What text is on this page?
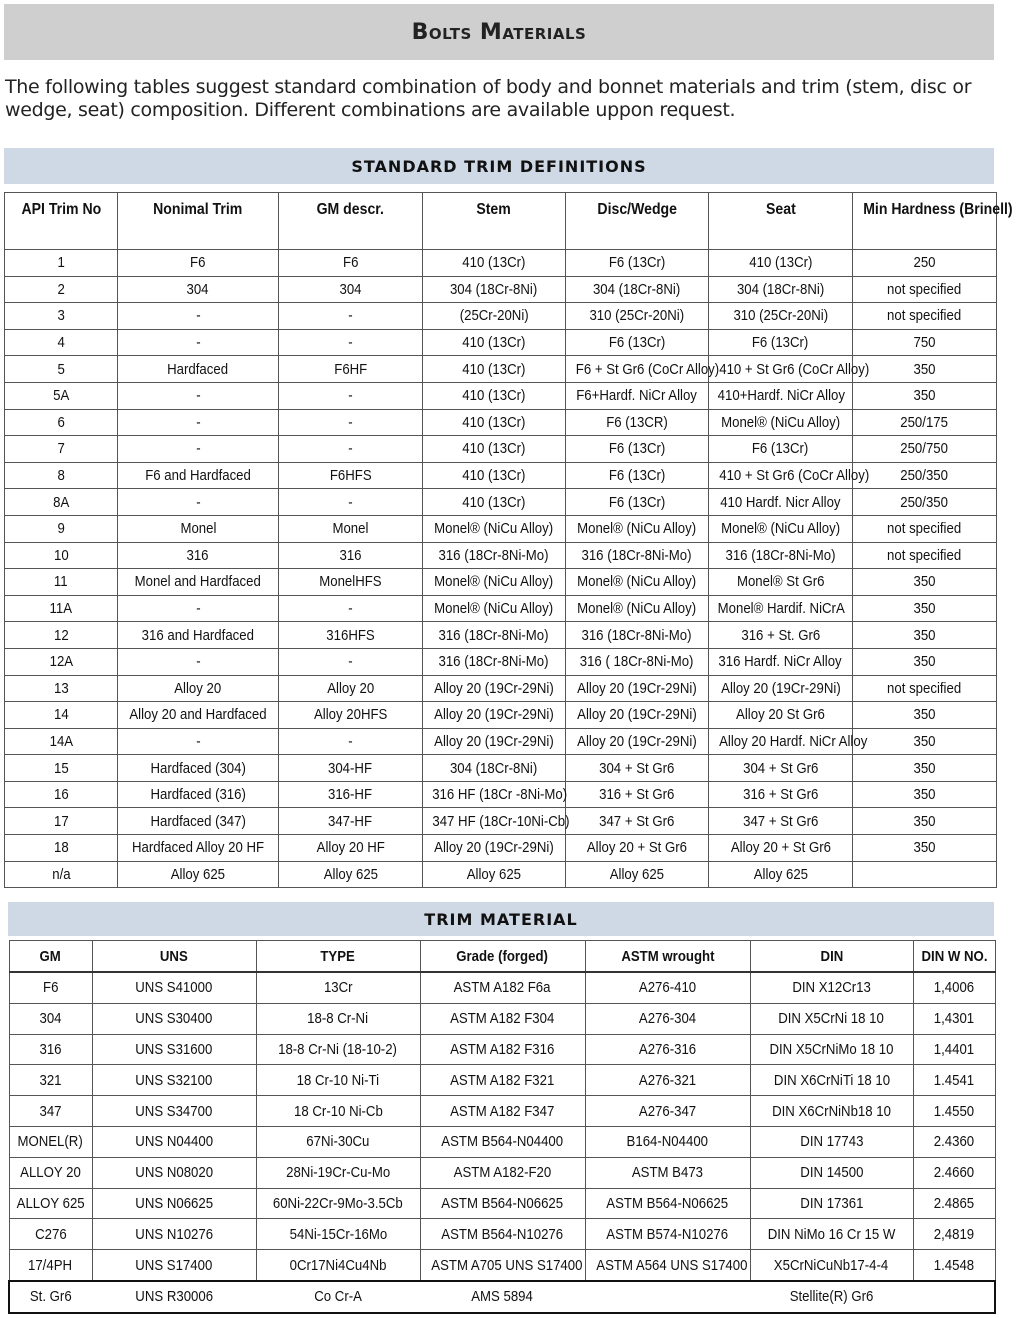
Bolts Materials
The following tables suggest standard combination of body and bonnet materials and trim (stem, disc or wedge, seat) composition. Different combinations are available uppon request.
STANDARD TRIM DEFINITIONS
API Trim No	Nonimal Trim	GM descr.	Stem	Disc/Wedge	Seat	Min Hardness (Brinell)
1	F6	F6	410 (13Cr)	F6 (13Cr)	410 (13Cr)	250
2	304	304	304 (18Cr-8Ni)	304 (18Cr-8Ni)	304 (18Cr-8Ni)	not specified
3	-	-	(25Cr-20Ni)	310 (25Cr-20Ni)	310 (25Cr-20Ni)	not specified
4	-	-	410 (13Cr)	F6 (13Cr)	F6 (13Cr)	750
5	Hardfaced	F6HF	410 (13Cr)	F6 + St Gr6 (CoCr Alloy)	410 + St Gr6 (CoCr Alloy)	350
5A	-	-	410 (13Cr)	F6+Hardf. NiCr Alloy	410+Hardf. NiCr Alloy	350
6	-	-	410 (13Cr)	F6 (13CR)	Monel® (NiCu Alloy)	250/175
7	-	-	410 (13Cr)	F6 (13Cr)	F6 (13Cr)	250/750
8	F6 and Hardfaced	F6HFS	410 (13Cr)	F6 (13Cr)	410 + St Gr6 (CoCr Alloy)	250/350
8A	-	-	410 (13Cr)	F6 (13Cr)	410 Hardf. Nicr Alloy	250/350
9	Monel	Monel	Monel® (NiCu Alloy)	Monel® (NiCu Alloy)	Monel® (NiCu Alloy)	not specified
10	316	316	316 (18Cr-8Ni-Mo)	316 (18Cr-8Ni-Mo)	316 (18Cr-8Ni-Mo)	not specified
11	Monel and Hardfaced	MonelHFS	Monel® (NiCu Alloy)	Monel® (NiCu Alloy)	Monel® St Gr6	350
11A	-	-	Monel® (NiCu Alloy)	Monel® (NiCu Alloy)	Monel® Hardif. NiCrA	350
12	316 and Hardfaced	316HFS	316 (18Cr-8Ni-Mo)	316 (18Cr-8Ni-Mo)	316 + St. Gr6	350
12A	-	-	316 (18Cr-8Ni-Mo)	316 ( 18Cr-8Ni-Mo)	316 Hardf. NiCr Alloy	350
13	Alloy 20	Alloy 20	Alloy 20 (19Cr-29Ni)	Alloy 20 (19Cr-29Ni)	Alloy 20 (19Cr-29Ni)	not specified
14	Alloy 20 and Hardfaced	Alloy 20HFS	Alloy 20 (19Cr-29Ni)	Alloy 20 (19Cr-29Ni)	Alloy 20 St Gr6	350
14A	-	-	Alloy 20 (19Cr-29Ni)	Alloy 20 (19Cr-29Ni)	Alloy 20 Hardf. NiCr Alloy	350
15	Hardfaced (304)	304-HF	304 (18Cr-8Ni)	304 + St Gr6	304 + St Gr6	350
16	Hardfaced (316)	316-HF	316 HF (18Cr -8Ni-Mo)	316 + St Gr6	316 + St Gr6	350
17	Hardfaced (347)	347-HF	347 HF (18Cr-10Ni-Cb)	347 + St Gr6	347 + St Gr6	350
18	Hardfaced Alloy 20 HF	Alloy 20 HF	Alloy 20 (19Cr-29Ni)	Alloy 20 + St Gr6	Alloy 20 + St Gr6	350
n/a	Alloy 625	Alloy 625	Alloy 625	Alloy 625	Alloy 625	
TRIM MATERIAL
GM	UNS	TYPE	Grade (forged)	ASTM wrought	DIN	DIN W NO.
F6	UNS S41000	13Cr	ASTM A182 F6a	A276-410	DIN X12Cr13	1,4006
304	UNS S30400	18-8 Cr-Ni	ASTM A182 F304	A276-304	DIN X5CrNi 18 10	1,4301
316	UNS S31600	18-8 Cr-Ni (18-10-2)	ASTM A182 F316	A276-316	DIN X5CrNiMo 18 10	1,4401
321	UNS S32100	18 Cr-10 Ni-Ti	ASTM A182 F321	A276-321	DIN X6CrNiTi 18 10	1.4541
347	UNS S34700	18 Cr-10 Ni-Cb	ASTM A182 F347	A276-347	DIN X6CrNiNb18 10	1.4550
MONEL(R)	UNS N04400	67Ni-30Cu	ASTM B564-N04400	B164-N04400	DIN 17743	2.4360
ALLOY 20	UNS N08020	28Ni-19Cr-Cu-Mo	ASTM A182-F20	ASTM B473	DIN 14500	2.4660
ALLOY 625	UNS N06625	60Ni-22Cr-9Mo-3.5Cb	ASTM B564-N06625	ASTM B564-N06625	DIN 17361	2.4865
C276	UNS N10276	54Ni-15Cr-16Mo	ASTM B564-N10276	ASTM B574-N10276	DIN NiMo 16 Cr 15 W	2,4819
17/4PH	UNS S17400	0Cr17Ni4Cu4Nb	ASTM A705 UNS S17400	ASTM A564 UNS S17400	X5CrNiCuNb17-4-4	1.4548
St. Gr6	UNS R30006	Co Cr-A	AMS 5894		Stellite(R) Gr6	
